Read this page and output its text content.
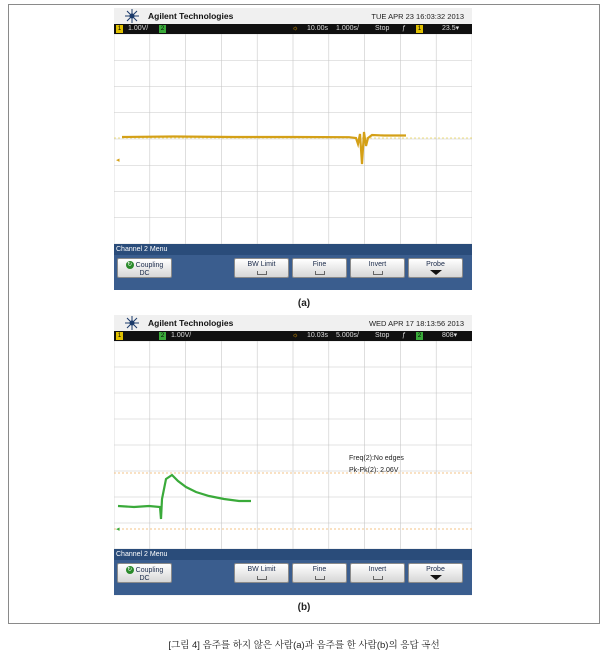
Agilent Technologies	TUE APR 23 16:03:32 2013
1 1.00V/	2	☼ 10.00s 1.000s/ Stop ƒ	1	23.5▾
◂
Channel 2 Menu
↻ Coupling
DC
BW Limit	Fine	Invert	Probe
(a)
Agilent Technologies	WED APR 17 18:13:56 2013
1	2 1.00V/	☼ 10.03s 5.000s/ Stop ƒ	2	808▾
◂
Freq(2):No edges
Pk-Pk(2): 2.06V
Channel 2 Menu
↻ Coupling
DC
BW Limit	Fine	Invert	Probe
(b)
[그림 4] 음주를 하지 않은 사람(a)과 음주를 한 사람(b)의 응답 곡선
